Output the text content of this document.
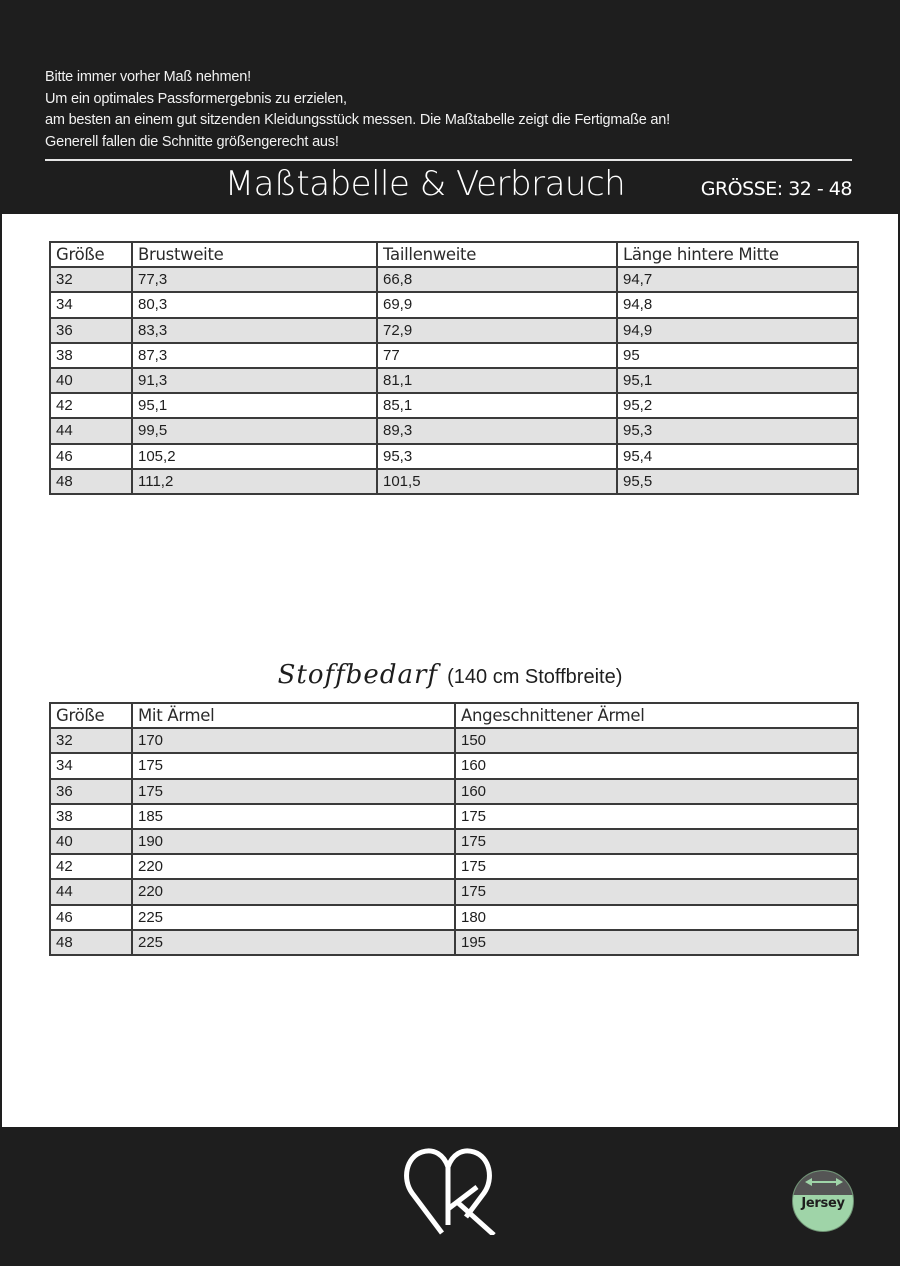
Bitte immer vorher Maß nehmen!
Um ein optimales Passformergebnis zu erzielen,
am besten an einem gut sitzenden Kleidungsstück messen. Die Maßtabelle zeigt die Fertigmaße an!
Generell fallen die Schnitte größengerecht aus!
Maßtabelle & Verbrauch	GRÖSSE: 32 - 48
Größe	Brustweite	Taillenweite	Länge hintere Mitte
32	77,3	66,8	94,7
34	80,3	69,9	94,8
36	83,3	72,9	94,9
38	87,3	77	95
40	91,3	81,1	95,1
42	95,1	85,1	95,2
44	99,5	89,3	95,3
46	105,2	95,3	95,4
48	111,2	101,5	95,5
Stoffbedarf (140 cm Stoffbreite)
Größe	Mit Ärmel	Angeschnittener Ärmel
32	170	150
34	175	160
36	175	160
38	185	175
40	190	175
42	220	175
44	220	175
46	225	180
48	225	195
Jersey
